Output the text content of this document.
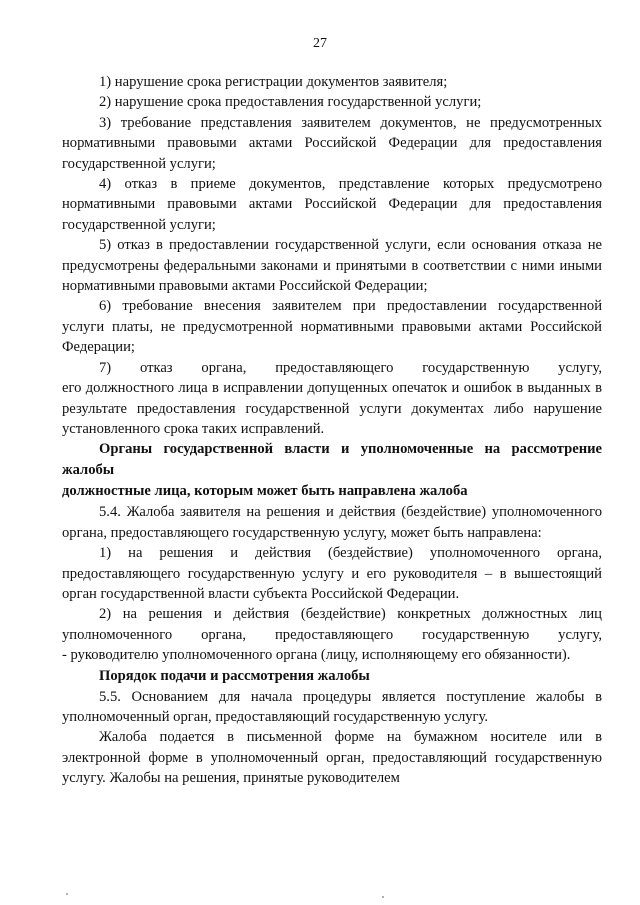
27

1) нарушение срока регистрации документов заявителя;

2) нарушение срока предоставления государственной услуги;

3) требование представления заявителем документов, не предусмотренных нормативными правовыми актами Российской Федерации для предоставления государственной услуги;

4) отказ в приеме документов, представление которых предусмотрено нормативными правовыми актами Российской Федерации для предоставления государственной услуги;

5) отказ в предоставлении государственной услуги, если основания отказа не предусмотрены федеральными законами и принятыми в соответствии с ними иными нормативными правовыми актами Российской Федерации;

6) требование внесения заявителем при предоставлении государственной услуги платы, не предусмотренной нормативными правовыми актами Российской Федерации;

7) отказ органа, предоставляющего государственную услугу,

его должностного лица в исправлении допущенных опечаток и ошибок в выданных в результате предоставления государственной услуги документах либо нарушение установленного срока таких исправлений.

Органы государственной власти и уполномоченные на рассмотрение жалобы
должностные лица, которым может быть направлена жалоба

5.4. Жалоба заявителя на решения и действия (бездействие) уполномоченного органа, предоставляющего государственную услугу, может быть направлена:

1) на решения и действия (бездействие) уполномоченного органа, предоставляющего государственную услугу и его руководителя – в вышестоящий орган государственной власти субъекта Российской Федерации.

2) на решения и действия (бездействие) конкретных должностных лиц

уполномоченного органа, предоставляющего государственную услугу,

- руководителю уполномоченного органа (лицу, исполняющему его обязанности).

Порядок подачи и рассмотрения жалобы

5.5. Основанием для начала процедуры является поступление жалобы в уполномоченный орган, предоставляющий государственную услугу.

Жалоба подается в письменной форме на бумажном носителе или в электронной форме в уполномоченный орган, предоставляющий государственную услугу. Жалобы на решения, принятые руководителем
